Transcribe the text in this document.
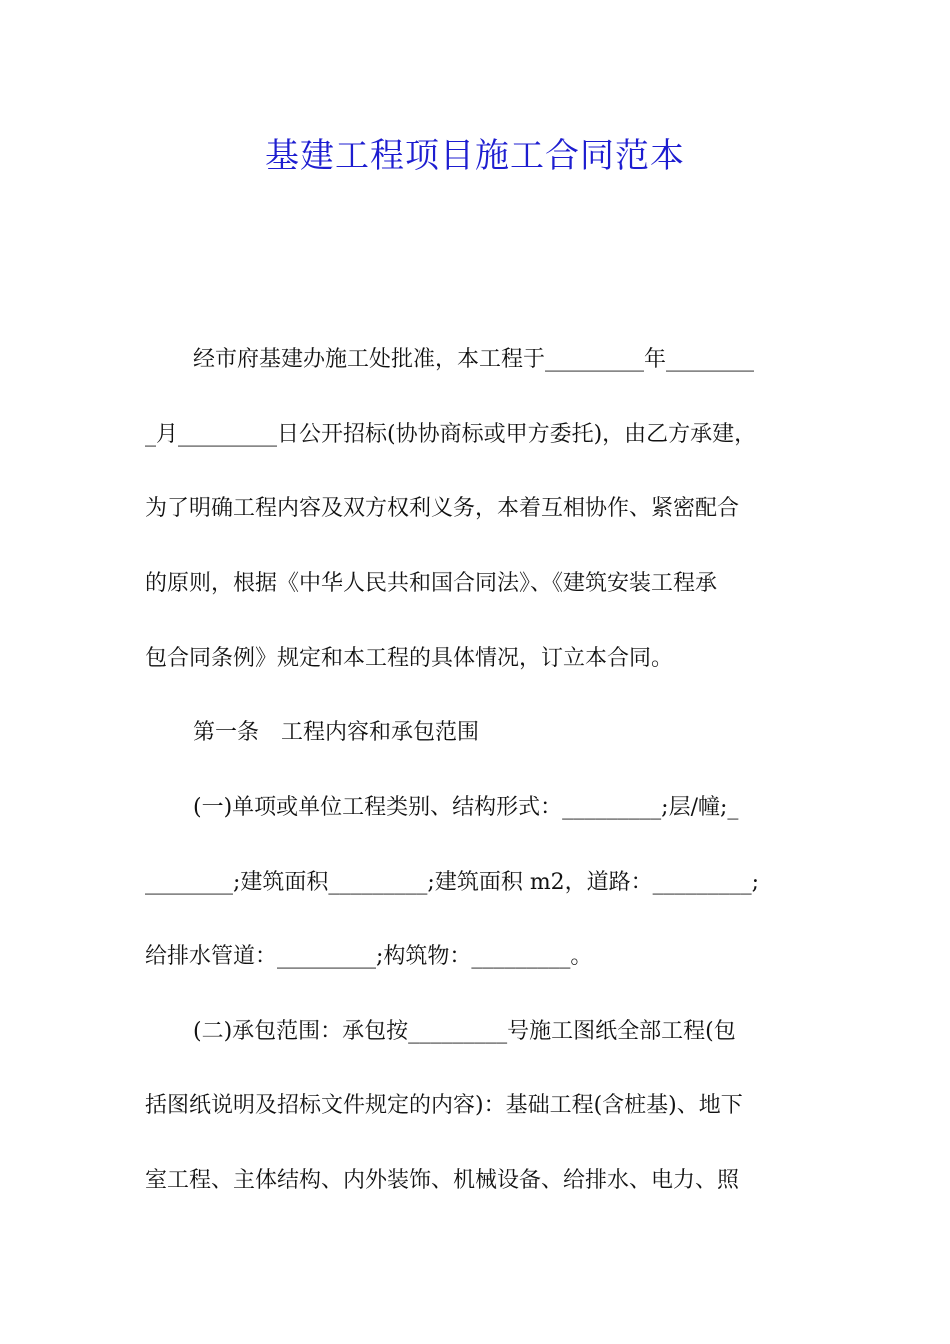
基建工程项目施工合同范本

经市府基建办施工处批准，本工程于_________年________

_月_________日公开招标(协协商标或甲方委托)，由乙方承建，

为了明确工程内容及双方权利义务，本着互相协作、紧密配合

的原则，根据《中华人民共和国合同法》、《建筑安装工程承

包合同条例》规定和本工程的具体情况，订立本合同。

第一条　工程内容和承包范围

(一)单项或单位工程类别、结构形式：_________;层/幢;_

________;建筑面积_________;建筑面积 m2，道路：_________;

给排水管道：_________;构筑物：_________。

(二)承包范围：承包按_________号施工图纸全部工程(包

括图纸说明及招标文件规定的内容)：基础工程(含桩基)、地下

室工程、主体结构、内外装饰、机械设备、给排水、电力、照
